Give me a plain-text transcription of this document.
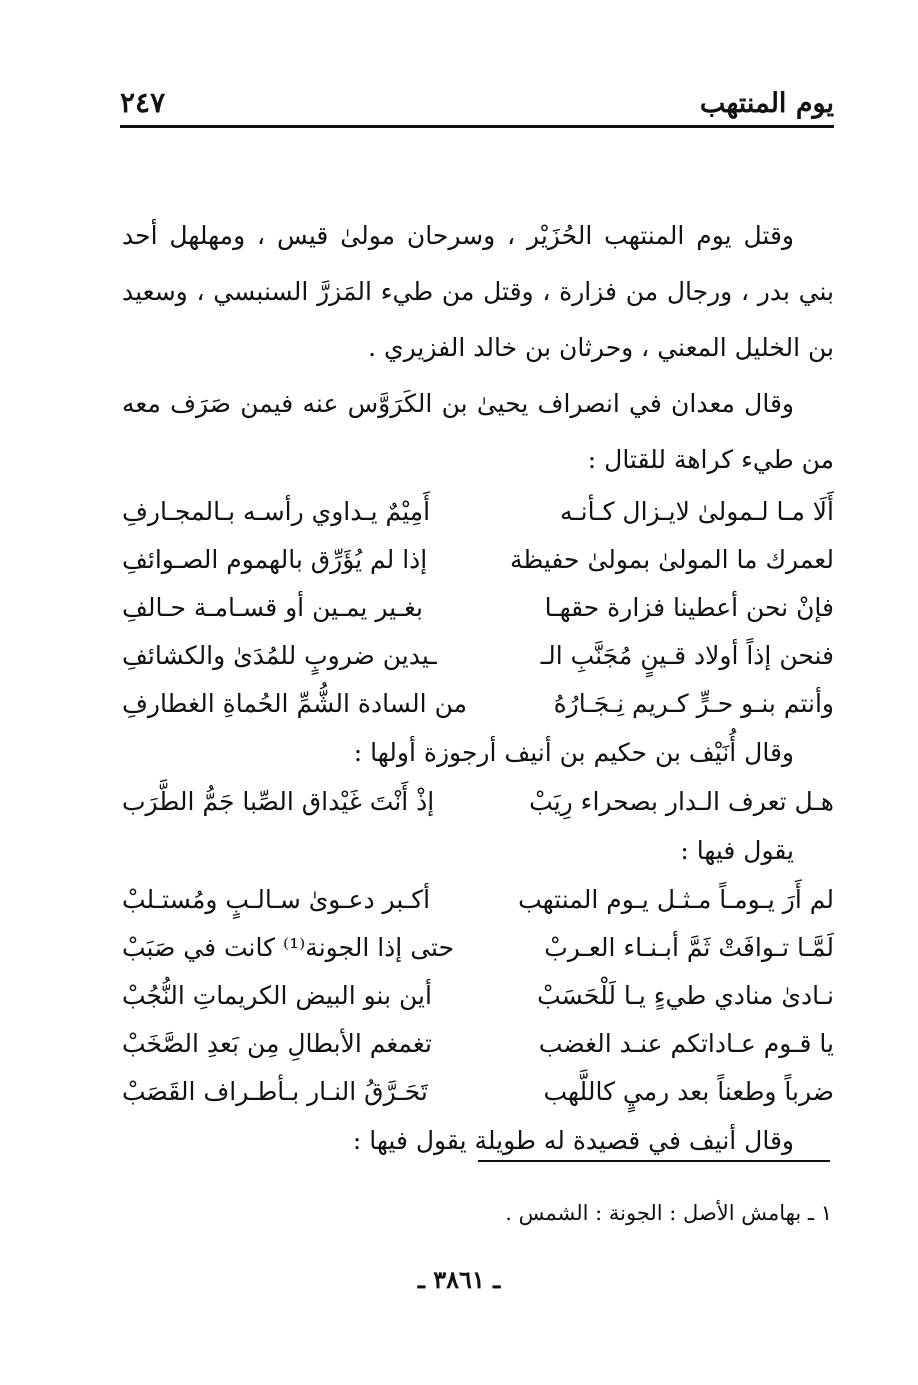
يوم المنتهب
٢٤٧

وقتل يوم المنتهب الحُزَيْر ، وسرحان مولىٰ قيس ، ومهلهل أحد بني بدر ، ورجال من فزارة ، وقتل من طيء المَزرَّ السنبسي ، وسعيد بن الخليل المعني ، وحرثان بن خالد الفزيري .

وقال معدان في انصراف يحيىٰ بن الكَرَوَّس عنه فيمن صَرَف معه من طيء كراهة للقتال :

أَلَا مـا لـمولىٰ لايـزال كـأنـه
أَمِيْمٌ يـداوي رأسـه بـالمجـارفِ
لعمرك ما المولىٰ بمولىٰ حفيظة
إذا لم يُؤَرِّق بالهموم الصـوائفِ
فإنْ نحن أعطينا فزارة حقهـا
بغـير يمـين أو قسـامـة حـالفِ
فنحن إذاً أولاد قـينٍ مُجَنَّبِ الـ
ـيدين ضروبٍ للمُدَىٰ والكشائفِ
وأنتم بنـو حـرٍّ كـريم نِـجَـارُهُ
من السادة الشُّمِّ الحُماةِ الغطارفِ

وقال أُنَيْف بن حكيم بن أنيف أرجوزة أولها :

هـل تعرف الـدار بصحراء رِيَبْ
إذْ أَنْتَ غَيْداق الصِّبا جَمُّ الطَّرَب

يقول فيها :

لم أَرَ يـومـاً مـثـل يـوم المنتهب
أكـبر دعـوىٰ سـالـبٍ ومُستـلبْ
لَمَّـا تـوافَتْ ثَمَّ أبـنـاء العـربْ
حتى إذا الجونة⁽¹⁾ كانت في صَبَبْ
نـادىٰ منادي طيءٍ يـا لَلْحَسَبْ
أين بنو البيض الكريماتِ النُّجُبْ
يا قـوم عـاداتكم عنـد الغضب
تغمغم الأبطالِ مِن بَعدِ الصَّخَبْ
ضرباً وطعناً بعد رميٍ كاللَّهب
تَحَـرَّقُ النـار بـأطـراف القَصَبْ

وقال أنيف في قصيدة له طويلة يقول فيها :

١ ـ بهامش الأصل : الجونة : الشمس .
ـ ٣٨٦١ ـ
